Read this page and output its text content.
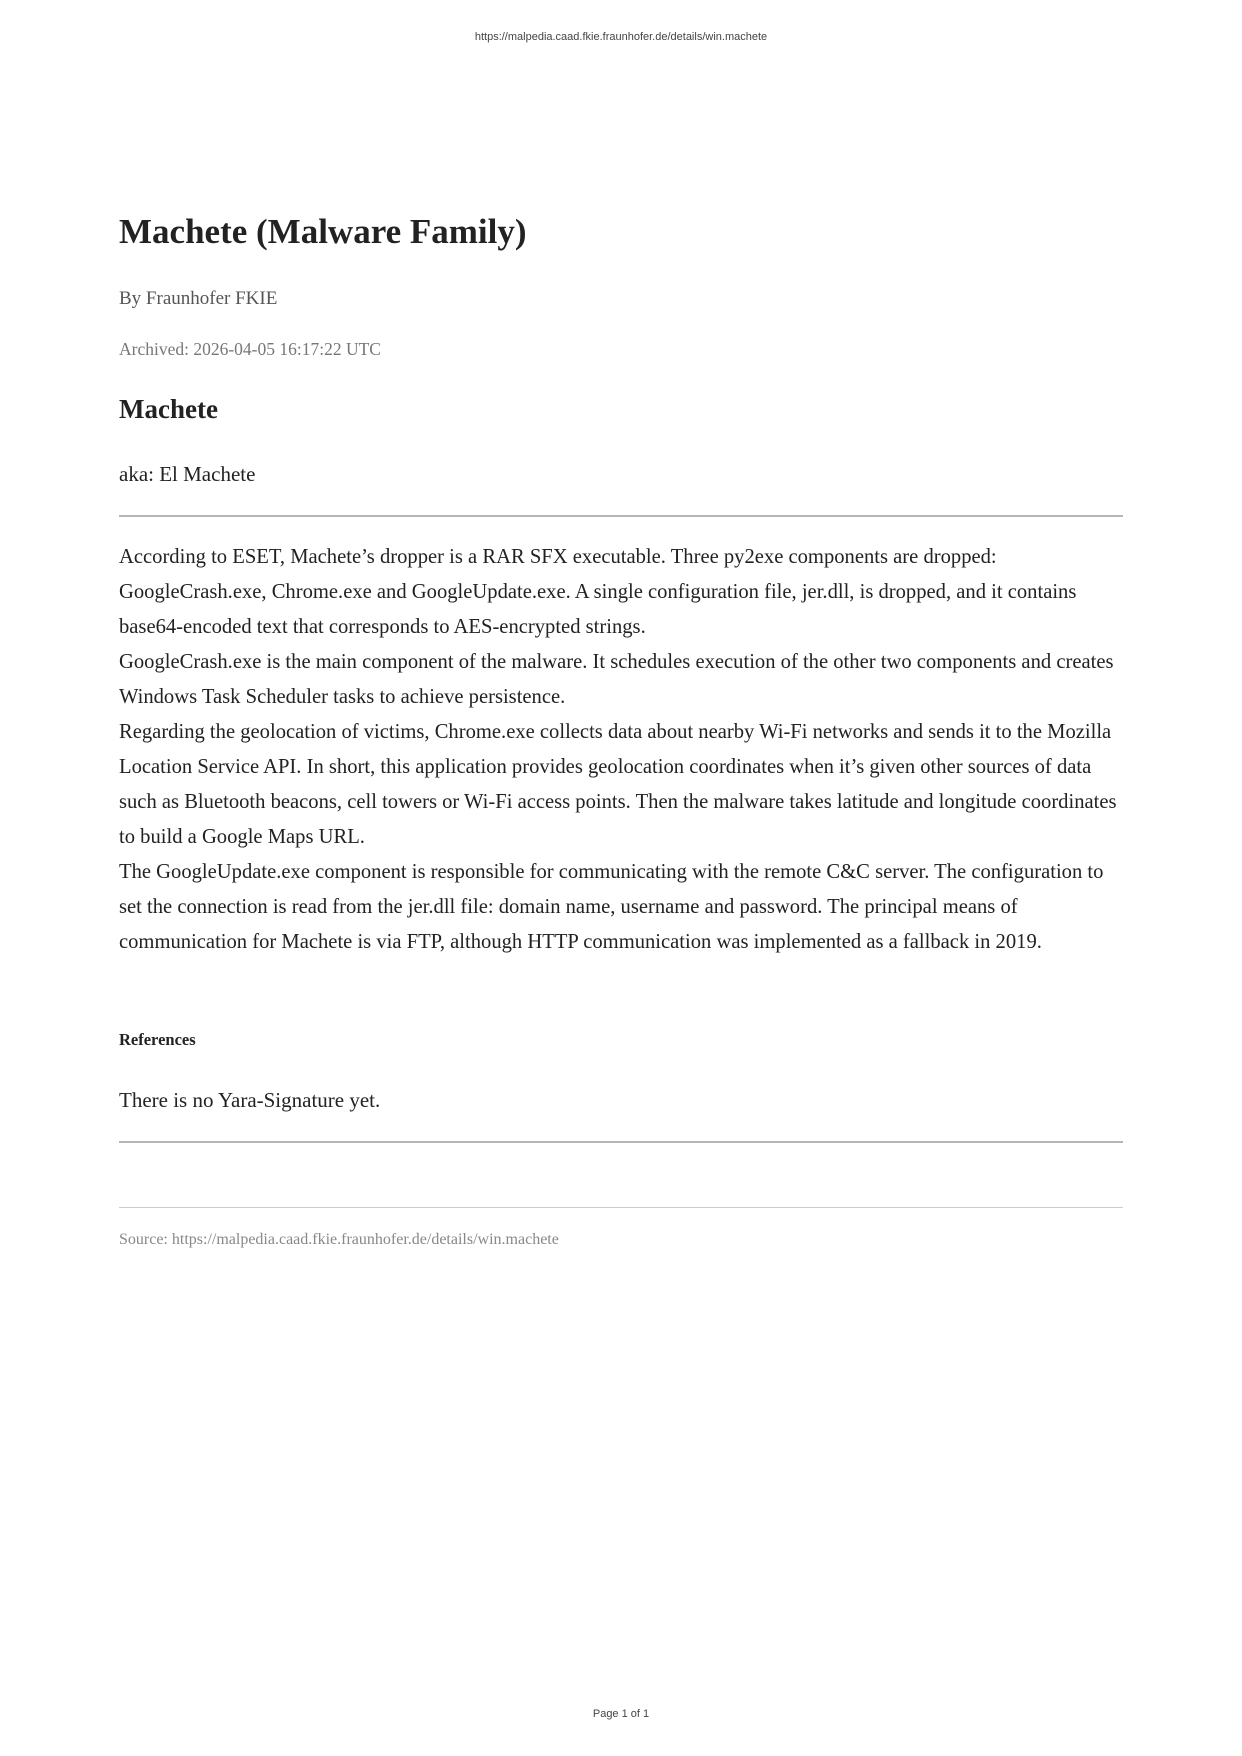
https://malpedia.caad.fkie.fraunhofer.de/details/win.machete
Machete (Malware Family)
By Fraunhofer FKIE
Archived: 2026-04-05 16:17:22 UTC
Machete
aka: El Machete

According to ESET, Machete’s dropper is a RAR SFX executable. Three py2exe components are dropped: GoogleCrash.exe, Chrome.exe and GoogleUpdate.exe. A single configuration file, jer.dll, is dropped, and it contains base64-encoded text that corresponds to AES-encrypted strings.

GoogleCrash.exe is the main component of the malware. It schedules execution of the other two components and creates Windows Task Scheduler tasks to achieve persistence.

Regarding the geolocation of victims, Chrome.exe collects data about nearby Wi-Fi networks and sends it to the Mozilla Location Service API. In short, this application provides geolocation coordinates when it’s given other sources of data such as Bluetooth beacons, cell towers or Wi-Fi access points. Then the malware takes latitude and longitude coordinates to build a Google Maps URL.

The GoogleUpdate.exe component is responsible for communicating with the remote C&C server. The configuration to set the connection is read from the jer.dll file: domain name, username and password. The principal means of communication for Machete is via FTP, although HTTP communication was implemented as a fallback in 2019.

References
There is no Yara-Signature yet.
Source: https://malpedia.caad.fkie.fraunhofer.de/details/win.machete
Page 1 of 1
